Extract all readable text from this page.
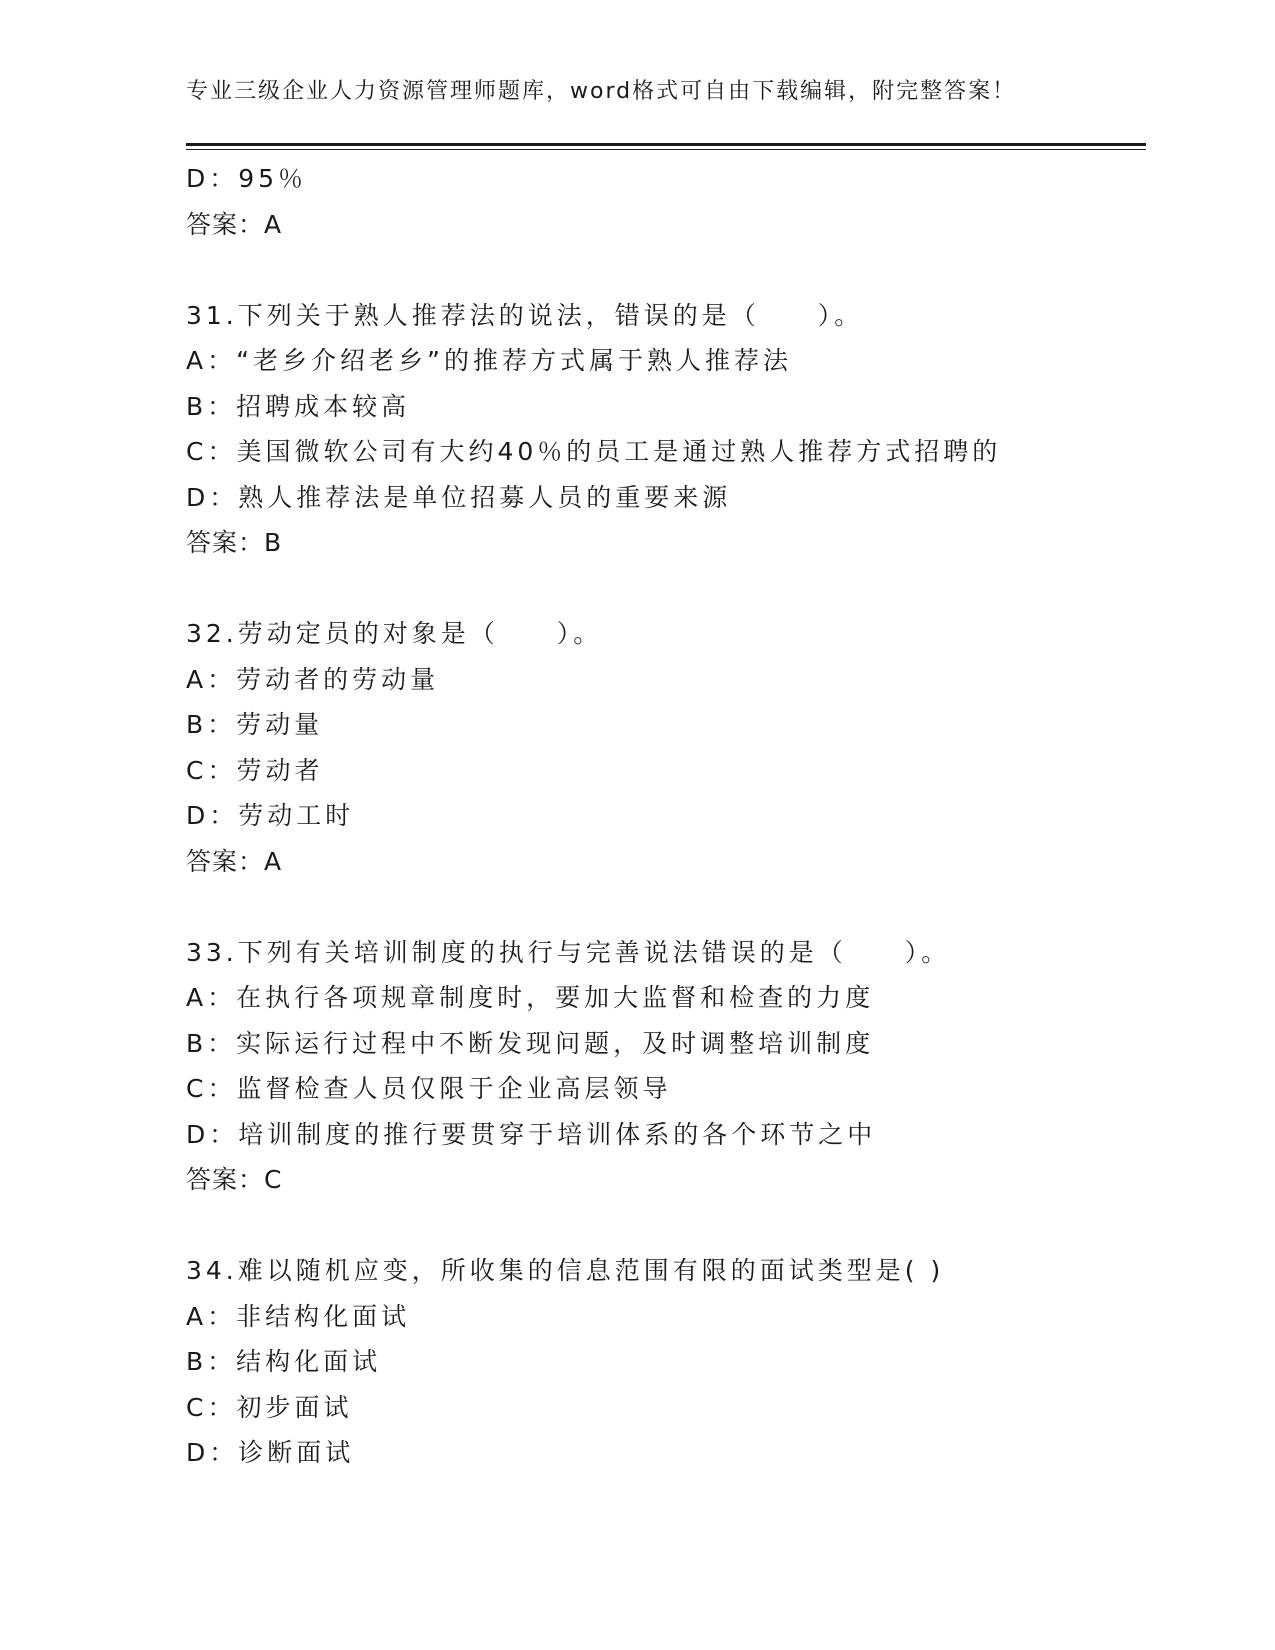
专业三级企业人力资源管理师题库，word格式可自由下载编辑，附完整答案！
D：95％
答案：A
31.下列关于熟人推荐法的说法，错误的是（　　）。
A：“老乡介绍老乡”的推荐方式属于熟人推荐法
B：招聘成本较高
C：美国微软公司有大约40％的员工是通过熟人推荐方式招聘的
D：熟人推荐法是单位招募人员的重要来源
答案：B
32.劳动定员的对象是（　　）。
A：劳动者的劳动量
B：劳动量
C：劳动者
D：劳动工时
答案：A
33.下列有关培训制度的执行与完善说法错误的是（　　）。
A：在执行各项规章制度时，要加大监督和检查的力度
B：实际运行过程中不断发现问题，及时调整培训制度
C：监督检查人员仅限于企业高层领导
D：培训制度的推行要贯穿于培训体系的各个环节之中
答案：C
34.难以随机应变，所收集的信息范围有限的面试类型是( )
A：非结构化面试
B：结构化面试
C：初步面试
D：诊断面试
